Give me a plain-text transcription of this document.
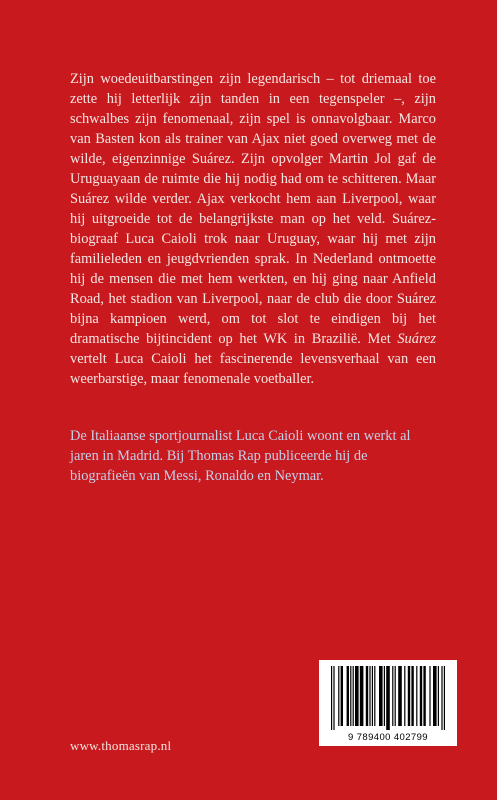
Zijn woedeuitbarstingen zijn legendarisch – tot driemaal toe zette hij letterlijk zijn tanden in een tegenspeler –, zijn schwalbes zijn fenomenaal, zijn spel is onnavolgbaar. Marco van Basten kon als trainer van Ajax niet goed overweg met de wilde, eigenzinnige Suárez. Zijn opvolger Martin Jol gaf de Uruguayaan de ruimte die hij nodig had om te schitteren. Maar Suárez wilde verder. Ajax verkocht hem aan Liverpool, waar hij uitgroeide tot de belangrijkste man op het veld. Suárez-biograaf Luca Caioli trok naar Uruguay, waar hij met zijn familieleden en jeugdvrienden sprak. In Nederland ontmoette hij de mensen die met hem werkten, en hij ging naar Anfield Road, het stadion van Liverpool, naar de club die door Suárez bijna kampioen werd, om tot slot te eindigen bij het dramatische bijtincident op het WK in Brazilië. Met Suárez vertelt Luca Caioli het fascinerende levensverhaal van een weerbarstige, maar fenomenale voetballer.

De Italiaanse sportjournalist Luca Caioli woont en werkt al jaren in Madrid. Bij Thomas Rap publiceerde hij de biografieën van Messi, Ronaldo en Neymar.

9 789400 402799
www.thomasrap.nl
